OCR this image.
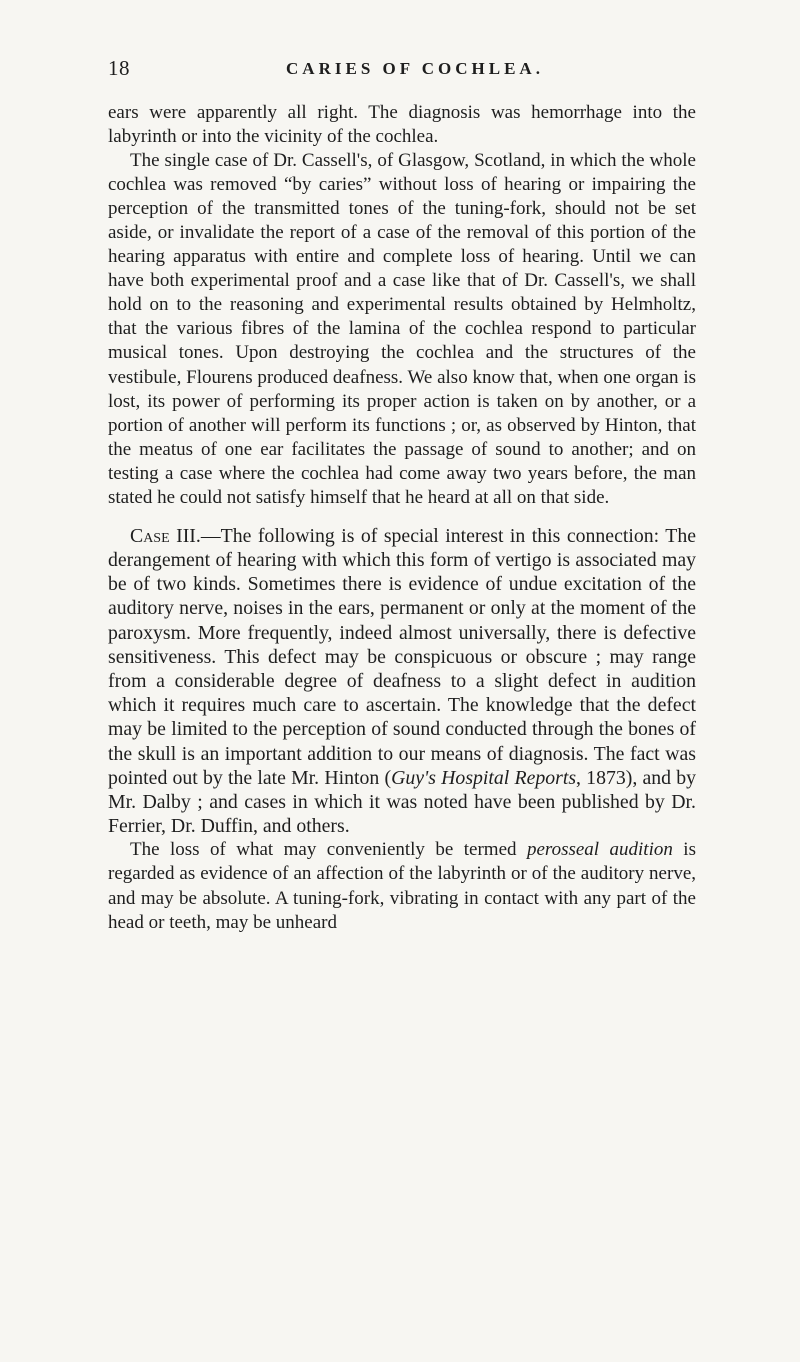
18	CARIES OF COCHLEA.

ears were apparently all right. The diagnosis was hemorrhage into the labyrinth or into the vicinity of the cochlea.

The single case of Dr. Cassell's, of Glasgow, Scotland, in which the whole cochlea was removed “by caries” without loss of hearing or impairing the perception of the transmitted tones of the tuning-fork, should not be set aside, or invalidate the report of a case of the removal of this portion of the hearing apparatus with entire and complete loss of hearing. Until we can have both experimental proof and a case like that of Dr. Cassell's, we shall hold on to the reasoning and experimental results obtained by Helmholtz, that the various fibres of the lamina of the cochlea respond to particular musical tones. Upon destroying the cochlea and the structures of the vestibule, Flourens produced deafness. We also know that, when one organ is lost, its power of performing its proper action is taken on by another, or a portion of another will perform its functions ; or, as observed by Hinton, that the meatus of one ear facilitates the passage of sound to another; and on testing a case where the cochlea had come away two years before, the man stated he could not satisfy himself that he heard at all on that side.

Case III.—The following is of special interest in this connection: The derangement of hearing with which this form of vertigo is associated may be of two kinds. Sometimes there is evidence of undue excitation of the auditory nerve, noises in the ears, permanent or only at the moment of the paroxysm. More frequently, indeed almost universally, there is defective sensitiveness. This defect may be conspicuous or obscure ; may range from a considerable degree of deafness to a slight defect in audition which it requires much care to ascertain. The knowledge that the defect may be limited to the perception of sound conducted through the bones of the skull is an important addition to our means of diagnosis. The fact was pointed out by the late Mr. Hinton (Guy's Hospital Reports, 1873), and by Mr. Dalby ; and cases in which it was noted have been published by Dr. Ferrier, Dr. Duffin, and others.

The loss of what may conveniently be termed perosseal audition is regarded as evidence of an affection of the labyrinth or of the auditory nerve, and may be absolute. A tuning-fork, vibrating in contact with any part of the head or teeth, may be unheard
